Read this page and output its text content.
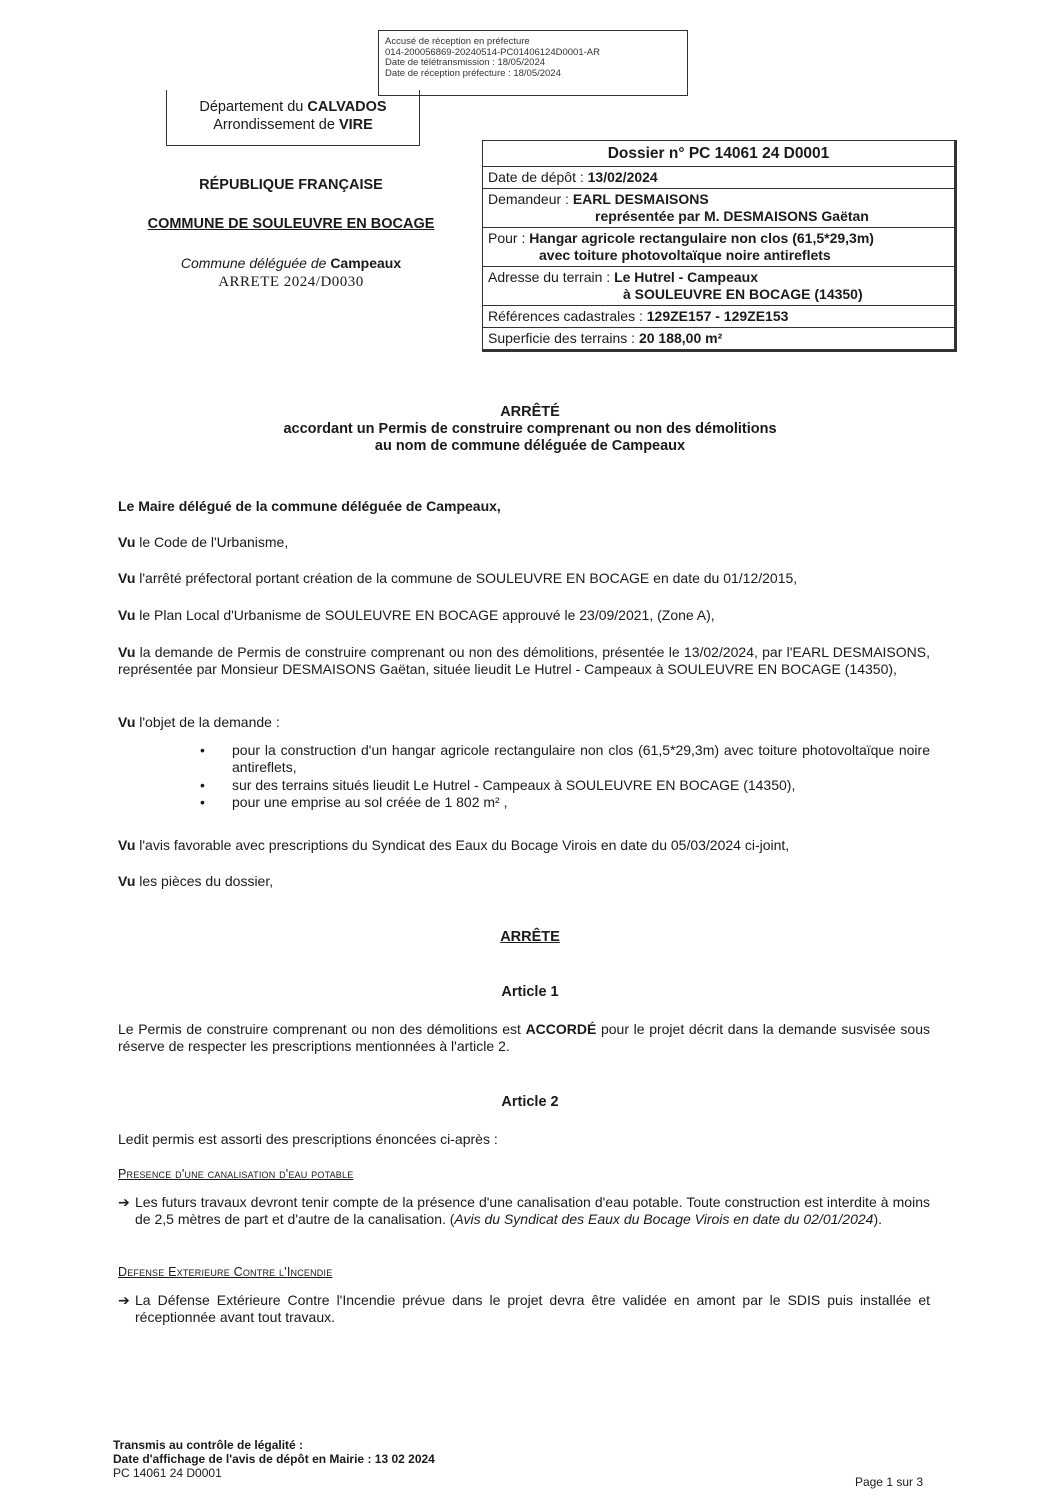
Accusé de réception en préfecture
014-200056869-20240514-PC01406124D0001-AR
Date de télétransmission : 18/05/2024
Date de réception préfecture : 18/05/2024
Département du CALVADOS
Arrondissement de VIRE
RÉPUBLIQUE FRANÇAISE
COMMUNE DE SOULEUVRE EN BOCAGE
Commune déléguée de Campeaux
ARRETE 2024/D0030
Dossier n° PC 14061 24 D0001
Date de dépôt : 13/02/2024
Demandeur : EARL DESMAISONS
représentée par M. DESMAISONS Gaëtan
Pour : Hangar agricole rectangulaire non clos (61,5*29,3m)
avec toiture photovoltaïque noire antireflets
Adresse du terrain : Le Hutrel - Campeaux
à SOULEUVRE EN BOCAGE (14350)
Références cadastrales : 129ZE157 - 129ZE153
Superficie des terrains : 20 188,00 m²
ARRÊTÉ
accordant un Permis de construire comprenant ou non des démolitions
au nom de commune déléguée de Campeaux
Le Maire délégué de la commune déléguée de Campeaux,
Vu le Code de l'Urbanisme,
Vu l'arrêté préfectoral portant création de la commune de SOULEUVRE EN BOCAGE en date du 01/12/2015,
Vu le Plan Local d'Urbanisme de SOULEUVRE EN BOCAGE approuvé le 23/09/2021, (Zone A),
Vu la demande de Permis de construire comprenant ou non des démolitions, présentée le 13/02/2024, par l'EARL DESMAISONS, représentée par Monsieur DESMAISONS Gaëtan, située lieudit Le Hutrel - Campeaux à SOULEUVRE EN BOCAGE (14350),
Vu l'objet de la demande :
• pour la construction d'un hangar agricole rectangulaire non clos (61,5*29,3m) avec toiture photovoltaïque noire antireflets,
• sur des terrains situés lieudit Le Hutrel - Campeaux à SOULEUVRE EN BOCAGE (14350),
• pour une emprise au sol créée de 1 802 m² ,
Vu l'avis favorable avec prescriptions du Syndicat des Eaux du Bocage Virois en date du 05/03/2024 ci-joint,
Vu les pièces du dossier,
ARRÊTE
Article 1
Le Permis de construire comprenant ou non des démolitions est ACCORDÉ pour le projet décrit dans la demande susvisée sous réserve de respecter les prescriptions mentionnées à l'article 2.
Article 2
Ledit permis est assorti des prescriptions énoncées ci-après :
Presence d'une canalisation d'eau potable
➔ Les futurs travaux devront tenir compte de la présence d'une canalisation d'eau potable. Toute construction est interdite à moins de 2,5 mètres de part et d'autre de la canalisation. (Avis du Syndicat des Eaux du Bocage Virois en date du 02/01/2024).
Defense Exterieure Contre l'Incendie
➔ La Défense Extérieure Contre l'Incendie prévue dans le projet devra être validée en amont par le SDIS puis installée et réceptionnée avant tout travaux.
Transmis au contrôle de légalité :
Date d'affichage de l'avis de dépôt en Mairie : 13 02 2024
PC 14061 24 D0001
Page 1 sur 3
